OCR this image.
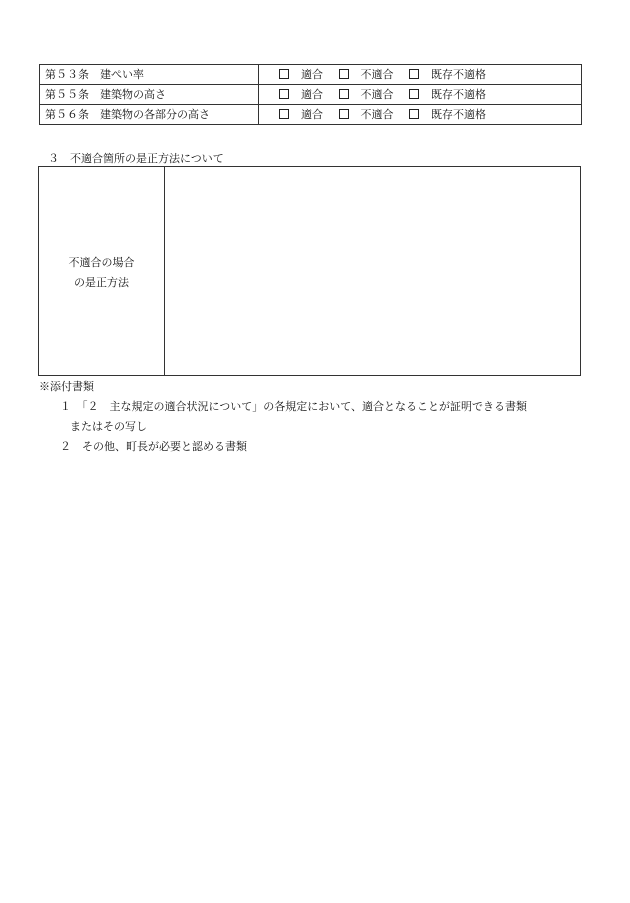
第５３条　建ぺい率	適合 不適合 既存不適格
第５５条　建築物の高さ	適合 不適合 既存不適格
第５６条　建築物の各部分の高さ	適合 不適合 既存不適格
３　不適合箇所の是正方法について
不適合の場合
の是正方法
※添付書類
１　「２　主な規定の適合状況について」の各規定において、適合となることが証明できる書類
またはその写し
２　その他、町長が必要と認める書類
